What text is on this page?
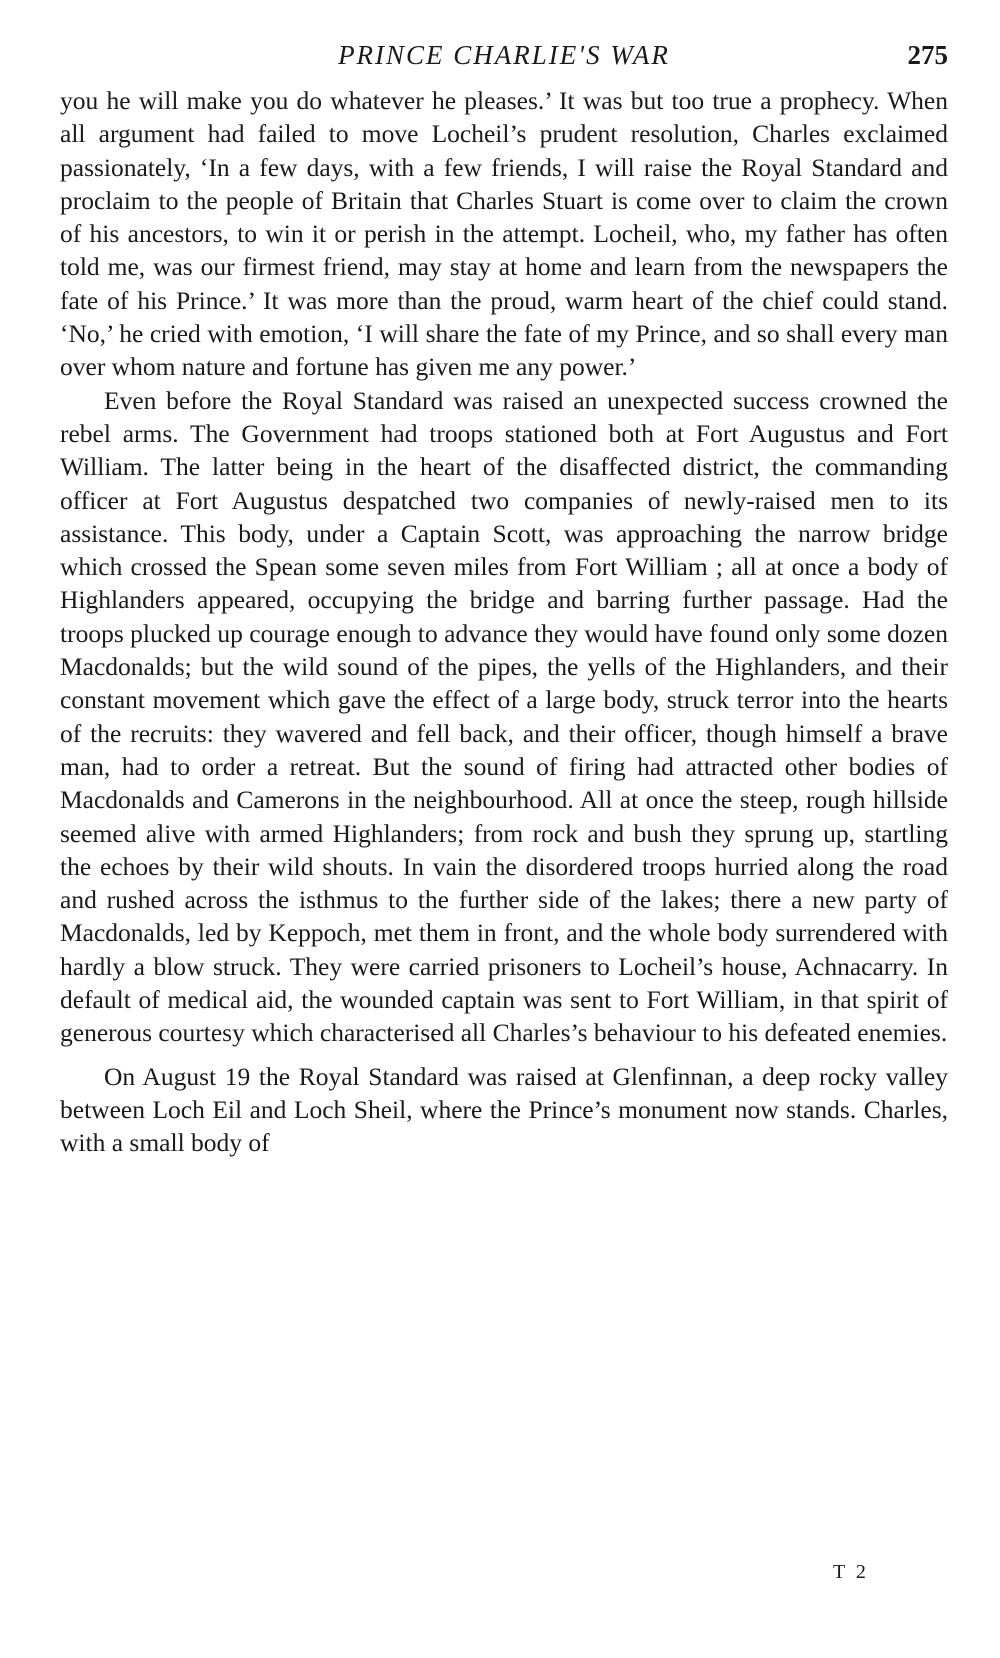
PRINCE CHARLIE'S WAR	275

you he will make you do whatever he pleases.’ It was but too true a prophecy. When all argument had failed to move Locheil’s prudent resolution, Charles exclaimed passionately, ‘In a few days, with a few friends, I will raise the Royal Standard and proclaim to the people of Britain that Charles Stuart is come over to claim the crown of his ancestors, to win it or perish in the attempt. Locheil, who, my father has often told me, was our firmest friend, may stay at home and learn from the newspapers the fate of his Prince.’ It was more than the proud, warm heart of the chief could stand. ‘No,’ he cried with emotion, ‘I will share the fate of my Prince, and so shall every man over whom nature and fortune has given me any power.’

Even before the Royal Standard was raised an unexpected success crowned the rebel arms. The Government had troops stationed both at Fort Augustus and Fort William. The latter being in the heart of the disaffected district, the commanding officer at Fort Augustus despatched two companies of newly-raised men to its assistance. This body, under a Captain Scott, was approaching the narrow bridge which crossed the Spean some seven miles from Fort William ; all at once a body of Highlanders appeared, occupying the bridge and barring further passage. Had the troops plucked up courage enough to advance they would have found only some dozen Macdonalds; but the wild sound of the pipes, the yells of the Highlanders, and their constant movement which gave the effect of a large body, struck terror into the hearts of the recruits: they wavered and fell back, and their officer, though himself a brave man, had to order a retreat. But the sound of firing had attracted other bodies of Macdonalds and Camerons in the neighbourhood. All at once the steep, rough hillside seemed alive with armed Highlanders; from rock and bush they sprung up, startling the echoes by their wild shouts. In vain the disordered troops hurried along the road and rushed across the isthmus to the further side of the lakes; there a new party of Macdonalds, led by Keppoch, met them in front, and the whole body surrendered with hardly a blow struck. They were carried prisoners to Locheil’s house, Achnacarry. In default of medical aid, the wounded captain was sent to Fort William, in that spirit of generous courtesy which characterised all Charles’s behaviour to his defeated enemies.

On August 19 the Royal Standard was raised at Glenfinnan, a deep rocky valley between Loch Eil and Loch Sheil, where the Prince’s monument now stands. Charles, with a small body of

T 2
